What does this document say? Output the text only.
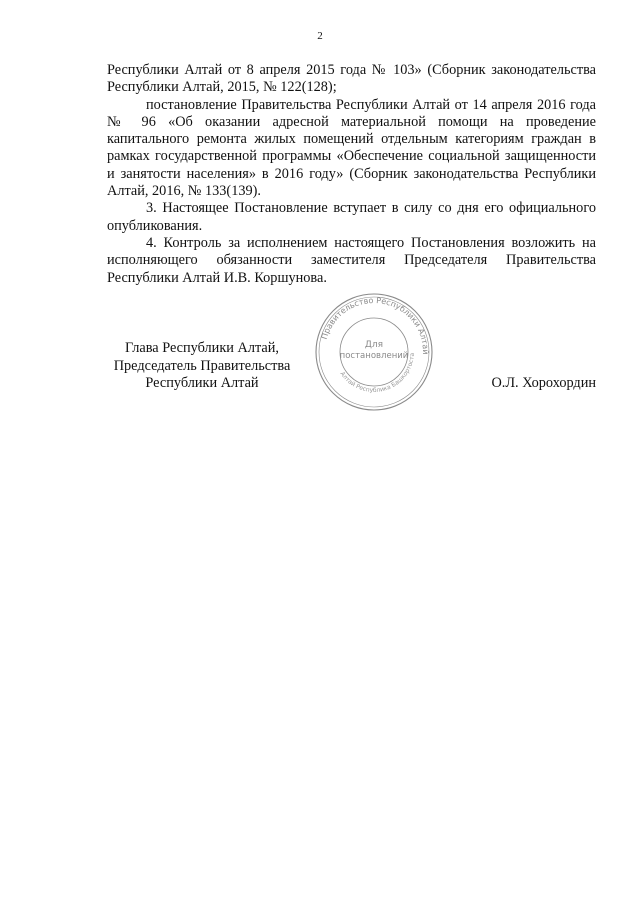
2

Республики Алтай от 8 апреля 2015 года № 103» (Сборник законодательства Республики Алтай, 2015, № 122(128);

постановление Правительства Республики Алтай от 14 апреля 2016 года № 96 «Об оказании адресной материальной помощи на проведение капитального ремонта жилых помещений отдельным категориям граждан в рамках государственной программы «Обеспечение социальной защищенности и занятости населения» в 2016 году» (Сборник законодательства Республики Алтай, 2016, № 133(139).

3. Настоящее Постановление вступает в силу со дня его официального опубликования.

4. Контроль за исполнением настоящего Постановления возложить на исполняющего обязанности заместителя Председателя Правительства Республики Алтай И.В. Коршунова.

Правительство Республики Алтай
Алтай Республика Башкортоста
Для
постановлений
Глава Республики Алтай,
Председатель Правительства
Республики Алтай	О.Л. Хорохордин
